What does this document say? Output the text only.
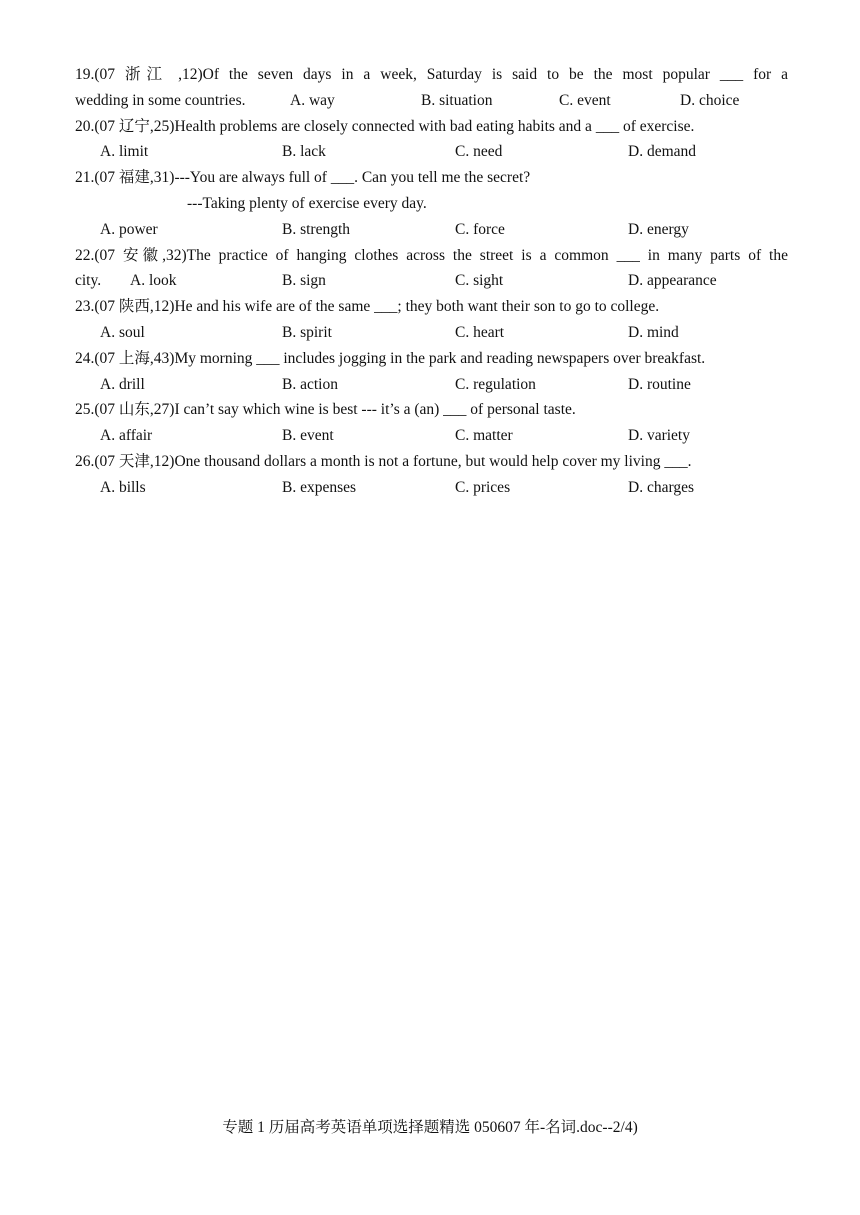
19.(07 浙江 ,12)Of the seven days in a week, Saturday is said to be the most popular ___ for a
wedding in some countries.	A. way	B. situation	C. event	D. choice
20.(07 辽宁,25)Health problems are closely connected with bad eating habits and a ___ of exercise.
A. limit	B. lack	C. need	D. demand
21.(07 福建,31)---You are always full of ___. Can you tell me the secret?
---Taking plenty of exercise every day.
A. power	B. strength	C. force	D. energy
22.(07 安徽,32)The practice of hanging clothes across the street is a common ___ in many parts of the
city. A. look	B. sign	C. sight	D. appearance
23.(07 陕西,12)He and his wife are of the same ___; they both want their son to go to college.
A. soul	B. spirit	C. heart	D. mind
24.(07 上海,43)My morning ___ includes jogging in the park and reading newspapers over breakfast.
A. drill	B. action	C. regulation	D. routine
25.(07 山东,27)I can’t say which wine is best --- it’s a (an) ___ of personal taste.
A. affair	B. event	C. matter	D. variety
26.(07 天津,12)One thousand dollars a month is not a fortune, but would help cover my living ___.
A. bills	B. expenses	C. prices	D. charges
专题 1 历届高考英语单项选择题精选 050607 年-名词.doc--2/4)
